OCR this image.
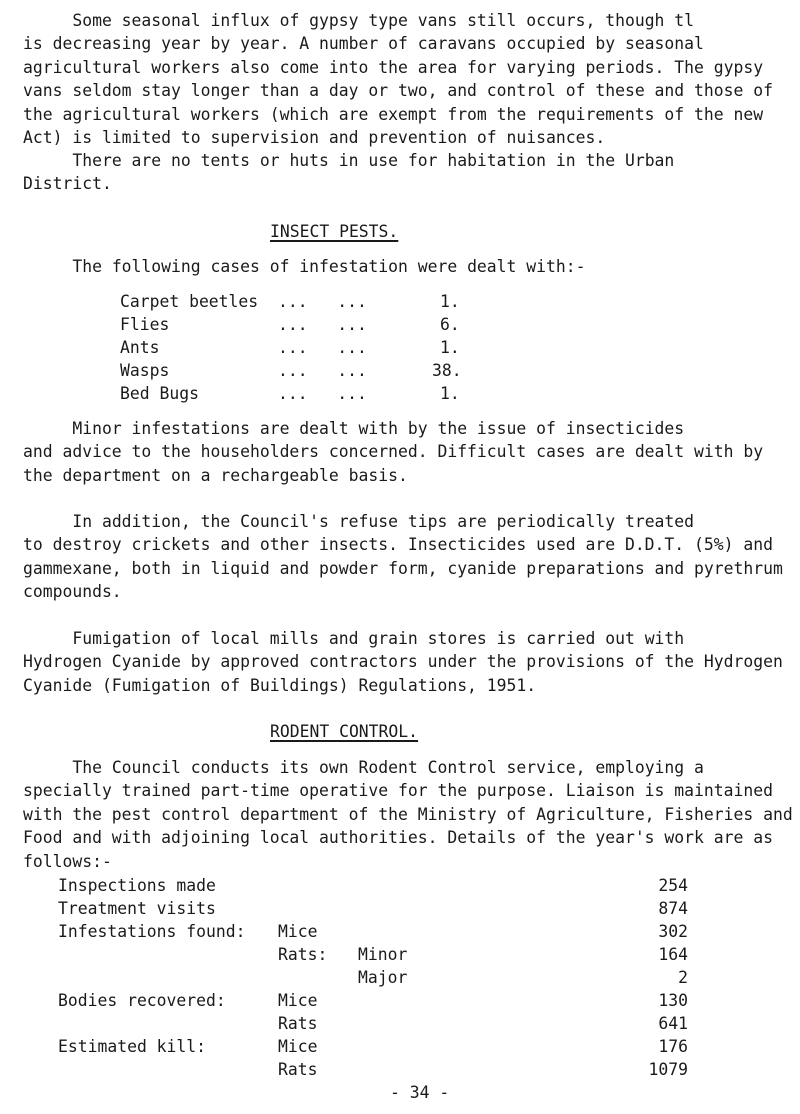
Some seasonal influx of gypsy type vans still occurs, though tl
is decreasing year by year. A number of caravans occupied by seasonal
agricultural workers also come into the area for varying periods. The gypsy
vans seldom stay longer than a day or two, and control of these and those of
the agricultural workers (which are exempt from the requirements of the new
Act) is limited to supervision and prevention of nuisances.

There are no tents or huts in use for habitation in the Urban
District.

INSECT PESTS.

The following cases of infestation were dealt with:-

Carpet beetles ...   ...	1.
Flies	...   ...	6.
Ants	...   ...	1.
Wasps	...   ...	38.
Bed Bugs	...   ...	1.

Minor infestations are dealt with by the issue of insecticides
and advice to the householders concerned. Difficult cases are dealt with by
the department on a rechargeable basis.

In addition, the Council's refuse tips are periodically treated
to destroy crickets and other insects. Insecticides used are D.D.T. (5%) and
gammexane, both in liquid and powder form, cyanide preparations and pyrethrum
compounds.

Fumigation of local mills and grain stores is carried out with
Hydrogen Cyanide by approved contractors under the provisions of the Hydrogen
Cyanide (Fumigation of Buildings) Regulations, 1951.

RODENT CONTROL.

The Council conducts its own Rodent Control service, employing a
specially trained part-time operative for the purpose. Liaison is maintained
with the pest control department of the Ministry of Agriculture, Fisheries and
Food and with adjoining local authorities. Details of the year's work are as
follows:-

Inspections made	254
Treatment visits	874
Infestations found: Mice	302
Rats: Minor	164
Major	2
Bodies recovered:	Mice	130
Rats	641
Estimated kill:	Mice	176
Rats	1079
- 34 -
